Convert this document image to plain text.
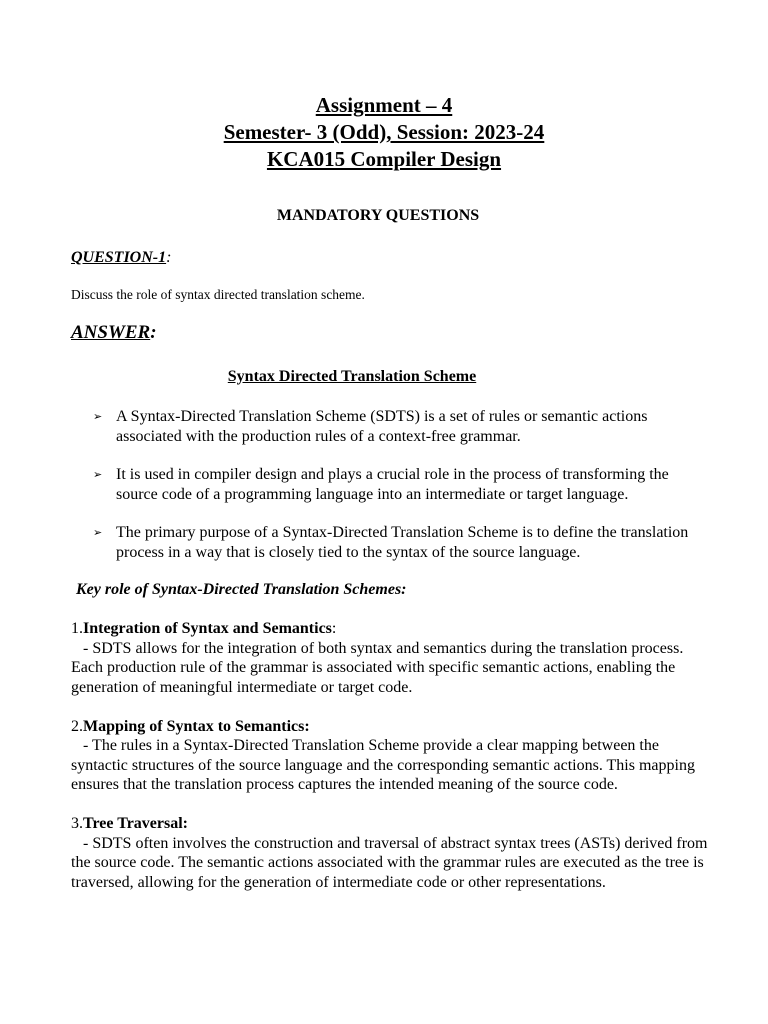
Assignment – 4
Semester- 3 (Odd), Session: 2023-24
KCA015 Compiler Design
MANDATORY QUESTIONS
QUESTION-1:
Discuss the role of syntax directed translation scheme.
ANSWER:
Syntax Directed Translation Scheme
➢ A Syntax-Directed Translation Scheme (SDTS) is a set of rules or semantic actions associated with the production rules of a context-free grammar.
➢ It is used in compiler design and plays a crucial role in the process of transforming the source code of a programming language into an intermediate or target language.
➢ The primary purpose of a Syntax-Directed Translation Scheme is to define the translation process in a way that is closely tied to the syntax of the source language.
Key role of Syntax-Directed Translation Schemes:
1.Integration of Syntax and Semantics:
- SDTS allows for the integration of both syntax and semantics during the translation process. Each production rule of the grammar is associated with specific semantic actions, enabling the generation of meaningful intermediate or target code.
2.Mapping of Syntax to Semantics:
- The rules in a Syntax-Directed Translation Scheme provide a clear mapping between the syntactic structures of the source language and the corresponding semantic actions. This mapping ensures that the translation process captures the intended meaning of the source code.
3.Tree Traversal:
- SDTS often involves the construction and traversal of abstract syntax trees (ASTs) derived from the source code. The semantic actions associated with the grammar rules are executed as the tree is traversed, allowing for the generation of intermediate code or other representations.
